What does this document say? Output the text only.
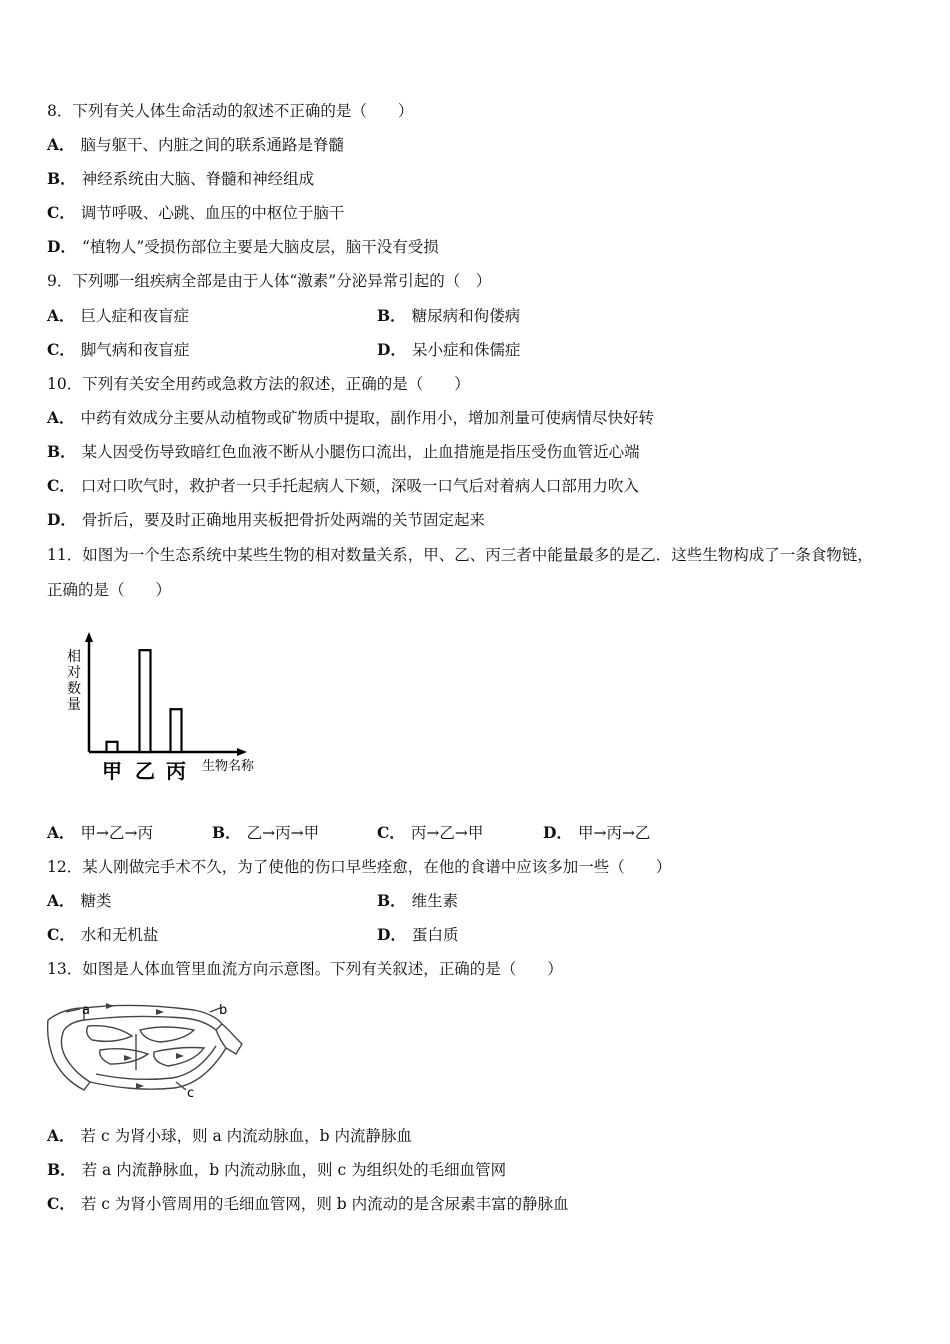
8．下列有关人体生命活动的叙述不正确的是（　　）
A． 脑与躯干、内脏之间的联系通路是脊髓
B． 神经系统由大脑、脊髓和神经组成
C． 调节呼吸、心跳、血压的中枢位于脑干
D． “植物人”受损伤部位主要是大脑皮层，脑干没有受损
9．下列哪一组疾病全部是由于人体“激素”分泌异常引起的（　）
A． 巨人症和夜盲症	B． 糖尿病和佝偻病
C． 脚气病和夜盲症	D． 呆小症和侏儒症
10．下列有关安全用药或急救方法的叙述，正确的是（　　）
A． 中药有效成分主要从动植物或矿物质中提取，副作用小，增加剂量可使病情尽快好转
B． 某人因受伤导致暗红色血液不断从小腿伤口流出，止血措施是指压受伤血管近心端
C． 口对口吹气时，救护者一只手托起病人下颏，深吸一口气后对着病人口部用力吹入
D． 骨折后，要及时正确地用夹板把骨折处两端的关节固定起来
11．如图为一个生态系统中某些生物的相对数量关系，甲、乙、丙三者中能量最多的是乙．这些生物构成了一条食物链，
正确的是（　　）
相
对
数
量
甲 乙 丙 生物名称
A． 甲→乙→丙	B． 乙→丙→甲	C． 丙→乙→甲	D． 甲→丙→乙
12．某人刚做完手术不久，为了使他的伤口早些痊愈，在他的食谱中应该多加一些（　　）
A． 糖类	B． 维生素
C． 水和无机盐	D． 蛋白质
13．如图是人体血管里血流方向示意图。下列有关叙述，正确的是（　　）
a	b
c
A． 若 c 为肾小球，则 a 内流动脉血，b 内流静脉血
B． 若 a 内流静脉血，b 内流动脉血，则 c 为组织处的毛细血管网
C． 若 c 为肾小管周用的毛细血管网，则 b 内流动的是含尿素丰富的静脉血
